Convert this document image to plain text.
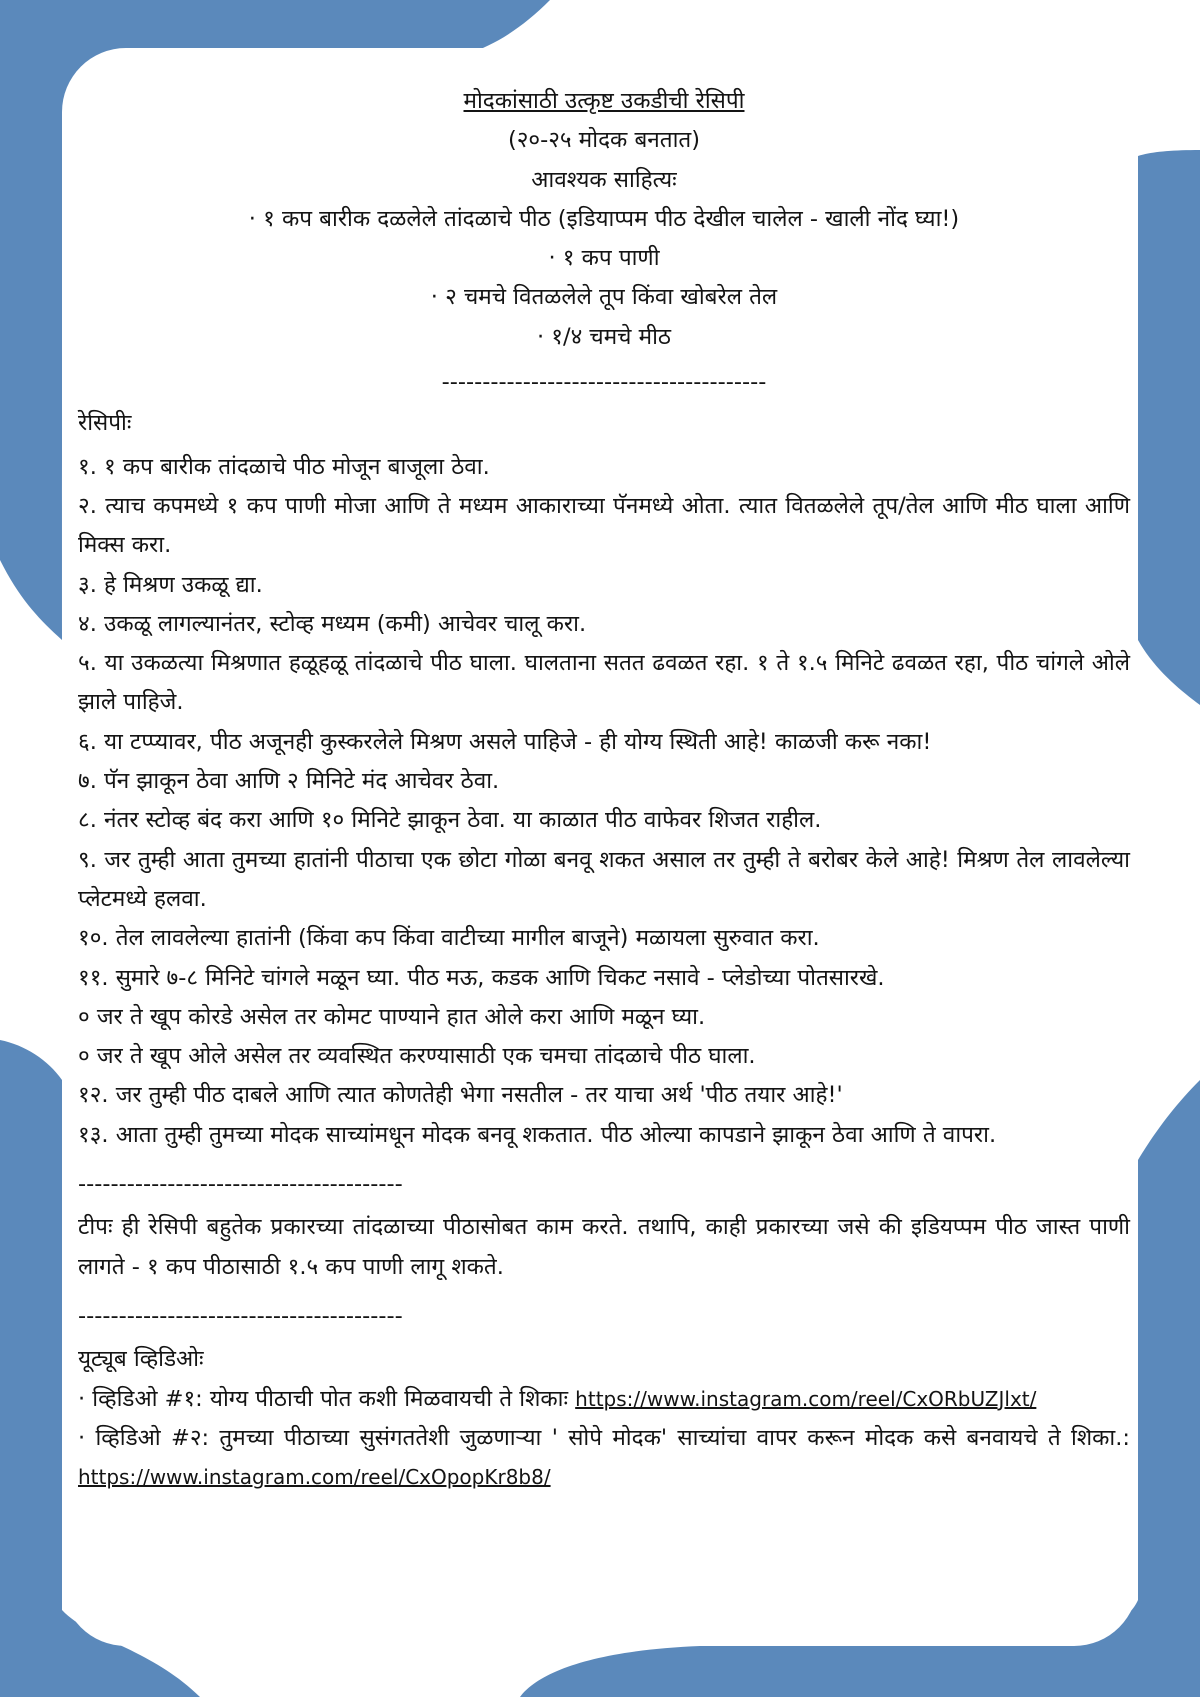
मोदकांसाठी उत्कृष्ट उकडीची रेसिपी

(२०-२५ मोदक बनतात)

आवश्यक साहित्यः

· १ कप बारीक दळलेले तांदळाचे पीठ (इडियाप्पम पीठ देखील चालेल - खाली नोंद घ्या!)

· १ कप पाणी

· २ चमचे वितळलेले तूप किंवा खोबरेल तेल

· १/४ चमचे मीठ

----------------------------------------

रेसिपीः

१. १ कप बारीक तांदळाचे पीठ मोजून बाजूला ठेवा.

२. त्याच कपमध्ये १ कप पाणी मोजा आणि ते मध्यम आकाराच्या पॅनमध्ये ओता. त्यात वितळलेले तूप/तेल आणि मीठ घाला आणि मिक्स करा.

३. हे मिश्रण उकळू द्या.

४. उकळू लागल्यानंतर, स्टोव्ह मध्यम (कमी) आचेवर चालू करा.

५. या उकळत्या मिश्रणात हळूहळू तांदळाचे पीठ घाला. घालताना सतत ढवळत रहा. १ ते १.५ मिनिटे ढवळत रहा, पीठ चांगले ओले झाले पाहिजे.

६. या टप्प्यावर, पीठ अजूनही कुस्करलेले मिश्रण असले पाहिजे - ही योग्य स्थिती आहे! काळजी करू नका!

७. पॅन झाकून ठेवा आणि २ मिनिटे मंद आचेवर ठेवा.

८. नंतर स्टोव्ह बंद करा आणि १० मिनिटे झाकून ठेवा. या काळात पीठ वाफेवर शिजत राहील.

९. जर तुम्ही आता तुमच्या हातांनी पीठाचा एक छोटा गोळा बनवू शकत असाल तर तुम्ही ते बरोबर केले आहे! मिश्रण तेल लावलेल्या प्लेटमध्ये हलवा.

१०. तेल लावलेल्या हातांनी (किंवा कप किंवा वाटीच्या मागील बाजूने) मळायला सुरुवात करा.

११. सुमारे ७-८ मिनिटे चांगले मळून घ्या. पीठ मऊ, कडक आणि चिकट नसावे - प्लेडोच्या पोतसारखे.

० जर ते खूप कोरडे असेल तर कोमट पाण्याने हात ओले करा आणि मळून घ्या.

० जर ते खूप ओले असेल तर व्यवस्थित करण्यासाठी एक चमचा तांदळाचे पीठ घाला.

१२. जर तुम्ही पीठ दाबले आणि त्यात कोणतेही भेगा नसतील - तर याचा अर्थ 'पीठ तयार आहे!'

१३. आता तुम्ही तुमच्या मोदक साच्यांमधून मोदक बनवू शकतात. पीठ ओल्या कापडाने झाकून ठेवा आणि ते वापरा.

----------------------------------------

टीपः ही रेसिपी बहुतेक प्रकारच्या तांदळाच्या पीठासोबत काम करते. तथापि, काही प्रकारच्या जसे की इडियप्पम पीठ जास्त पाणी लागते - १ कप पीठासाठी १.५ कप पाणी लागू शकते.

----------------------------------------

यूट्यूब व्हिडिओः

· व्हिडिओ #१: योग्य पीठाची पोत कशी मिळवायची ते शिकाः https://www.instagram.com/reel/CxORbUZJlxt/

· व्हिडिओ #२: तुमच्या पीठाच्या सुसंगततेशी जुळणाऱ्या ' सोपे मोदक' साच्यांचा वापर करून मोदक कसे बनवायचे ते शिका.: https://www.instagram.com/reel/CxOpopKr8b8/
